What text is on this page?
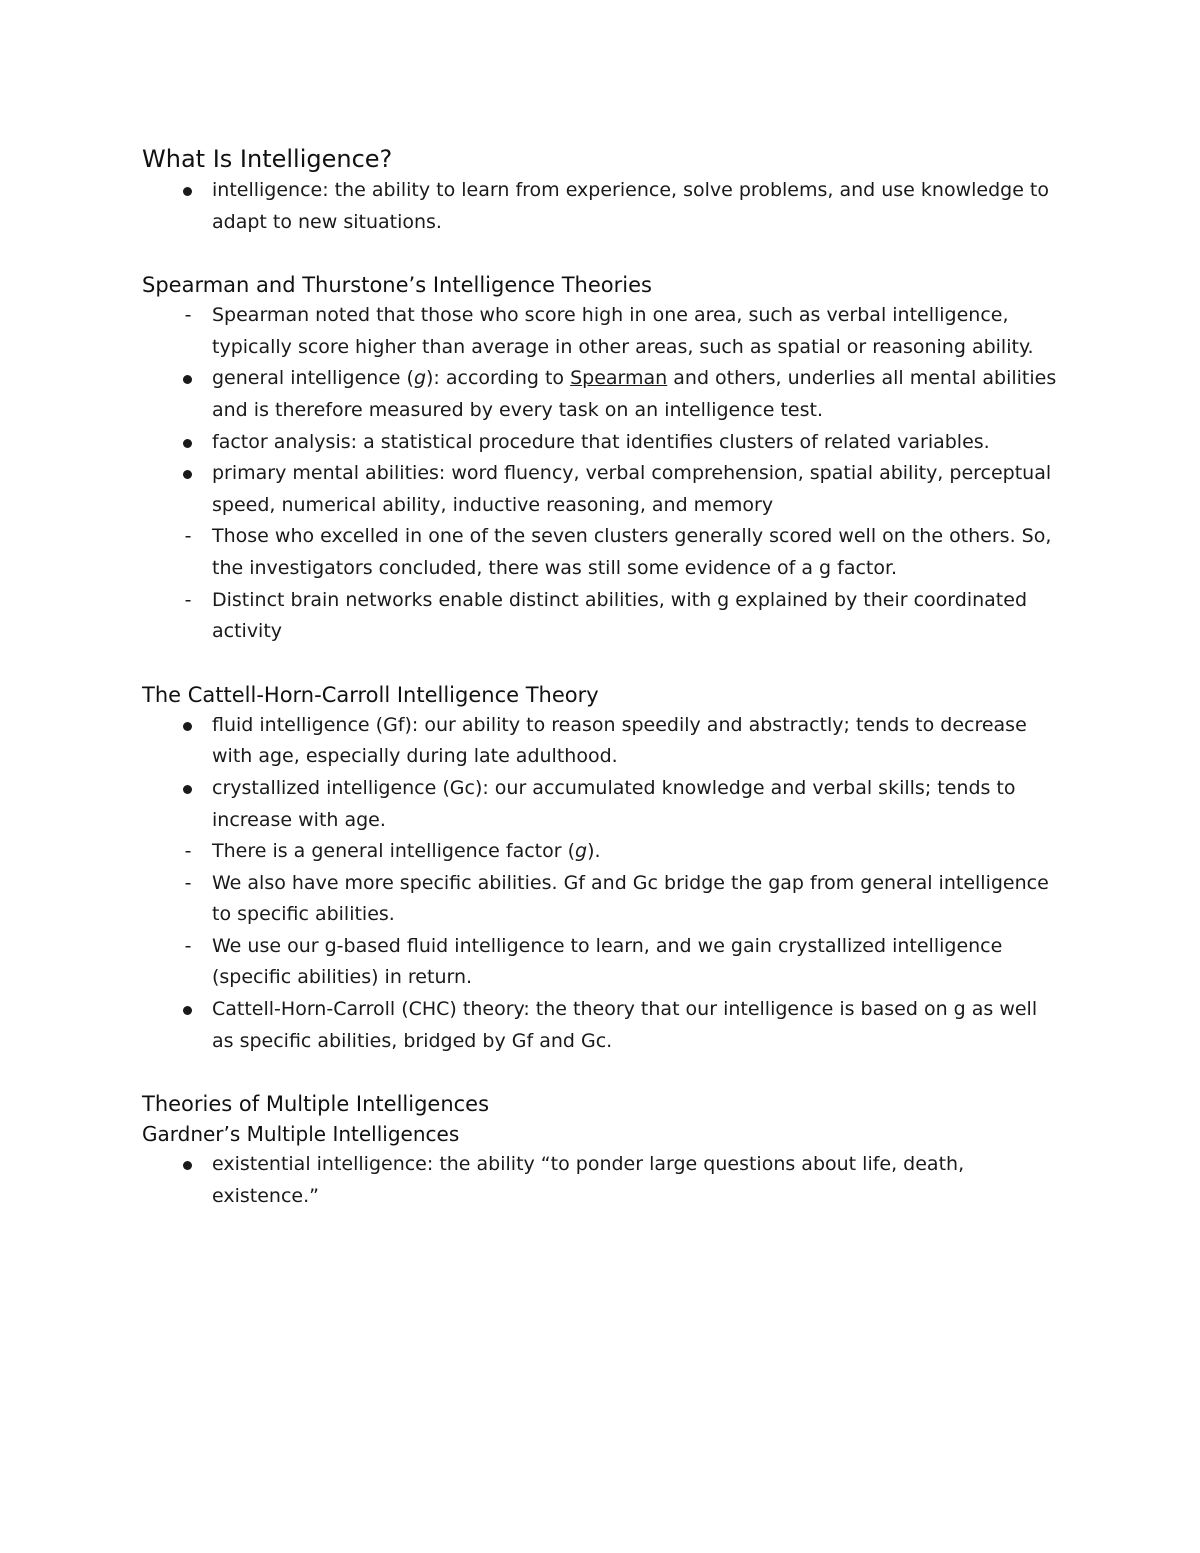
What Is Intelligence?
intelligence: the ability to learn from experience, solve problems, and use knowledge to adapt to new situations.
Spearman and Thurstone’s Intelligence Theories
-	Spearman noted that those who score high in one area, such as verbal intelligence, typically score higher than average in other areas, such as spatial or reasoning ability.
general intelligence (g): according to Spearman and others, underlies all mental abilities and is therefore measured by every task on an intelligence test.
factor analysis: a statistical procedure that identifies clusters of related variables.
primary mental abilities: word fluency, verbal comprehension, spatial ability, perceptual speed, numerical ability, inductive reasoning, and memory
-	Those who excelled in one of the seven clusters generally scored well on the others. So, the investigators concluded, there was still some evidence of a g factor.
-	Distinct brain networks enable distinct abilities, with g explained by their coordinated activity
The Cattell-Horn-Carroll Intelligence Theory
fluid intelligence (Gf): our ability to reason speedily and abstractly; tends to decrease with age, especially during late adulthood.
crystallized intelligence (Gc): our accumulated knowledge and verbal skills; tends to increase with age.
-	There is a general intelligence factor (g).
-	We also have more specific abilities. Gf and Gc bridge the gap from general intelligence to specific abilities.
-	We use our g-based fluid intelligence to learn, and we gain crystallized intelligence (specific abilities) in return.
Cattell-Horn-Carroll (CHC) theory: the theory that our intelligence is based on g as well as specific abilities, bridged by Gf and Gc.
Theories of Multiple Intelligences
Gardner’s Multiple Intelligences
existential intelligence: the ability “to ponder large questions about life, death, existence.”
